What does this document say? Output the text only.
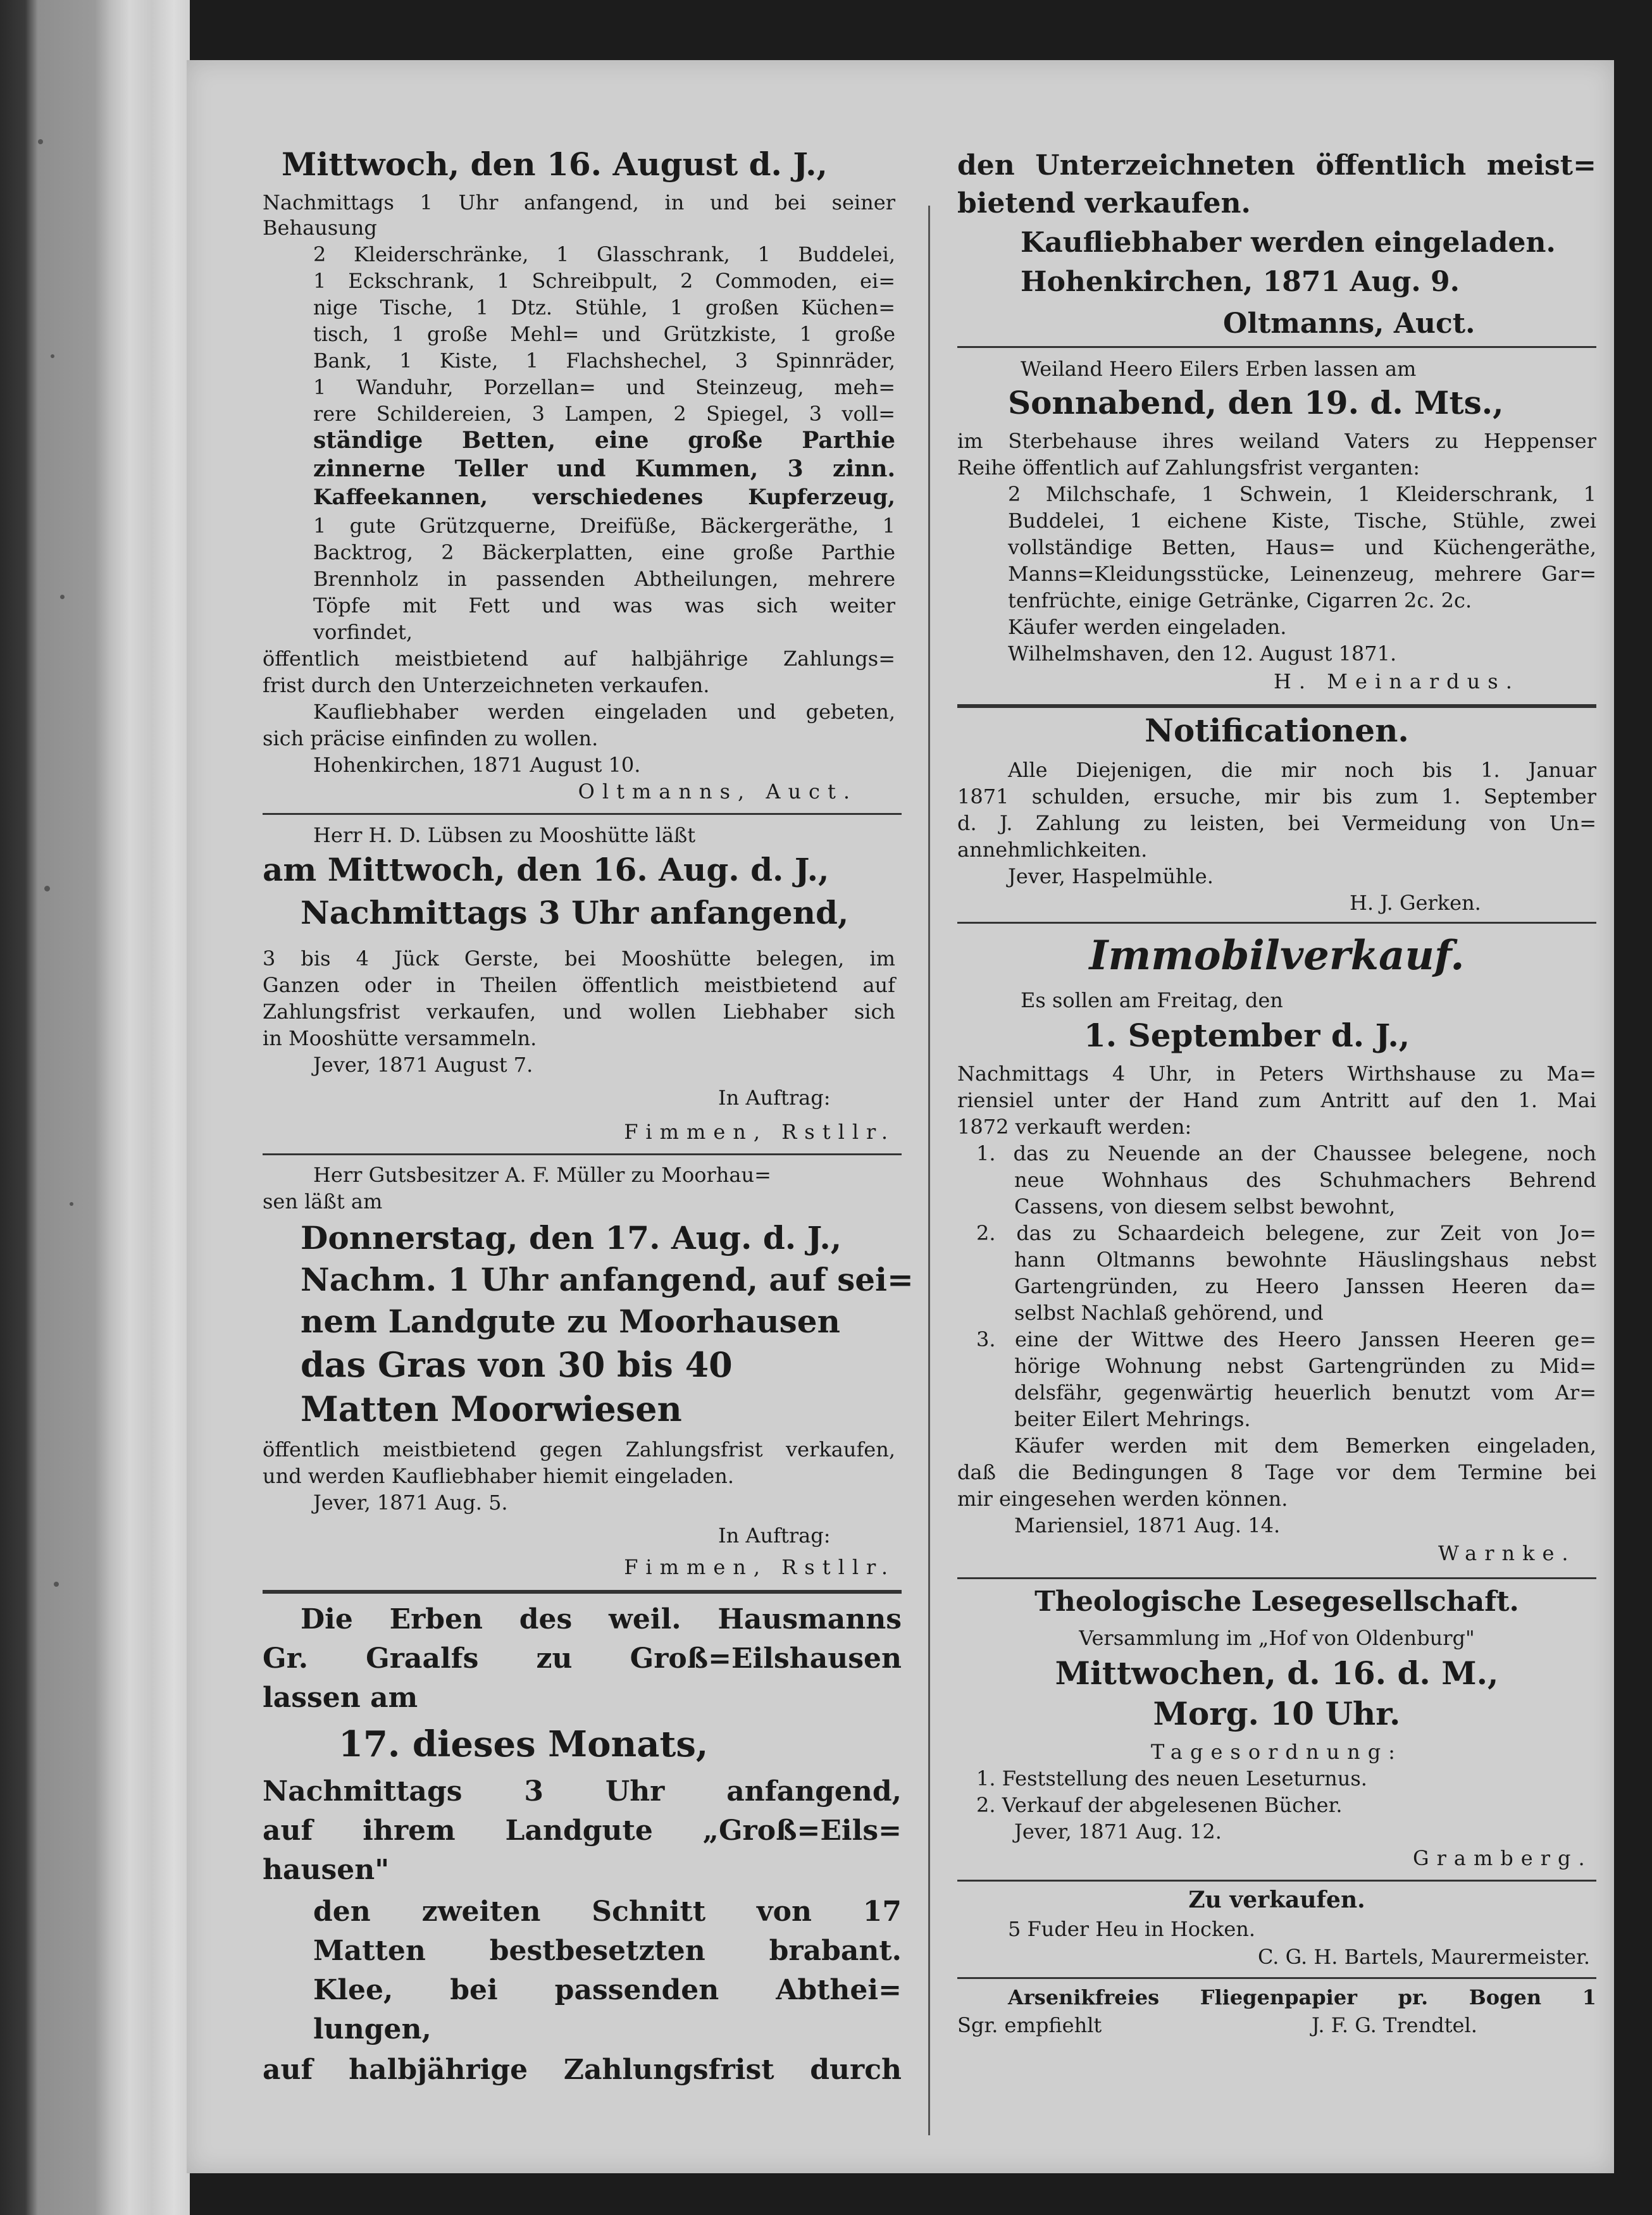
Mittwoch, den 16. August d. J.,
Nachmittags 1 Uhr anfangend, in und bei seiner
Behausung
2 Kleiderschränke, 1 Glasschrank, 1 Buddelei,
1 Eckschrank, 1 Schreibpult, 2 Commoden, ei=
nige Tische, 1 Dtz. Stühle, 1 großen Küchen=
tisch, 1 große Mehl= und Grützkiste, 1 große
Bank, 1 Kiste, 1 Flachshechel, 3 Spinnräder,
1 Wanduhr, Porzellan= und Steinzeug, meh=
rere Schildereien, 3 Lampen, 2 Spiegel, 3 voll=
ständige Betten, eine große Parthie
zinnerne Teller und Kummen, 3 zinn.
Kaffeekannen, verschiedenes Kupferzeug,
1 gute Grützquerne, Dreifüße, Bäckergeräthe, 1
Backtrog, 2 Bäckerplatten, eine große Parthie
Brennholz in passenden Abtheilungen, mehrere
Töpfe mit Fett und was was sich weiter
vorfindet,
öffentlich meistbietend auf halbjährige Zahlungs=
frist durch den Unterzeichneten verkaufen.
Kaufliebhaber werden eingeladen und gebeten,
sich präcise einfinden zu wollen.
Hohenkirchen, 1871 August 10.
Oltmanns, Auct.
Herr H. D. Lübsen zu Mooshütte läßt
am Mittwoch, den 16. Aug. d. J.,
Nachmittags 3 Uhr anfangend,
3 bis 4 Jück Gerste, bei Mooshütte belegen, im
Ganzen oder in Theilen öffentlich meistbietend auf
Zahlungsfrist verkaufen, und wollen Liebhaber sich
in Mooshütte versammeln.
Jever, 1871 August 7.
In Auftrag:
Fimmen, Rstllr.
Herr Gutsbesitzer A. F. Müller zu Moorhau=
sen läßt am
Donnerstag, den 17. Aug. d. J.,
Nachm. 1 Uhr anfangend, auf sei=
nem Landgute zu Moorhausen
das Gras von 30 bis 40
Matten Moorwiesen
öffentlich meistbietend gegen Zahlungsfrist verkaufen,
und werden Kaufliebhaber hiemit eingeladen.
Jever, 1871 Aug. 5.
In Auftrag:
Fimmen, Rstllr.
Die Erben des weil. Hausmanns
Gr. Graalfs zu Groß=Eilshausen
lassen am
17. dieses Monats,
Nachmittags 3 Uhr anfangend,
auf ihrem Landgute „Groß=Eils=
hausen"
den zweiten Schnitt von 17
Matten bestbesetzten brabant.
Klee, bei passenden Abthei=
lungen,
auf halbjährige Zahlungsfrist durch
den Unterzeichneten öffentlich meist=
bietend verkaufen.
Kaufliebhaber werden eingeladen.
Hohenkirchen, 1871 Aug. 9.
Oltmanns, Auct.
Weiland Heero Eilers Erben lassen am
Sonnabend, den 19. d. Mts.,
im Sterbehause ihres weiland Vaters zu Heppenser
Reihe öffentlich auf Zahlungsfrist verganten:
2 Milchschafe, 1 Schwein, 1 Kleiderschrank, 1
Buddelei, 1 eichene Kiste, Tische, Stühle, zwei
vollständige Betten, Haus= und Küchengeräthe,
Manns=Kleidungsstücke, Leinenzeug, mehrere Gar=
tenfrüchte, einige Getränke, Cigarren 2c. 2c.
Käufer werden eingeladen.
Wilhelmshaven, den 12. August 1871.
H. Meinardus.
Notificationen.
Alle Diejenigen, die mir noch bis 1. Januar
1871 schulden, ersuche, mir bis zum 1. September
d. J. Zahlung zu leisten, bei Vermeidung von Un=
annehmlichkeiten.
Jever, Haspelmühle.
H. J. Gerken.
Immobilverkauf.
Es sollen am Freitag, den
1. September d. J.,
Nachmittags 4 Uhr, in Peters Wirthshause zu Ma=
riensiel unter der Hand zum Antritt auf den 1. Mai
1872 verkauft werden:
1. das zu Neuende an der Chaussee belegene, noch
neue Wohnhaus des Schuhmachers Behrend
Cassens, von diesem selbst bewohnt,
2. das zu Schaardeich belegene, zur Zeit von Jo=
hann Oltmanns bewohnte Häuslingshaus nebst
Gartengründen, zu Heero Janssen Heeren da=
selbst Nachlaß gehörend, und
3. eine der Wittwe des Heero Janssen Heeren ge=
hörige Wohnung nebst Gartengründen zu Mid=
delsfähr, gegenwärtig heuerlich benutzt vom Ar=
beiter Eilert Mehrings.
Käufer werden mit dem Bemerken eingeladen,
daß die Bedingungen 8 Tage vor dem Termine bei
mir eingesehen werden können.
Mariensiel, 1871 Aug. 14.
Warnke.
Theologische Lesegesellschaft.
Versammlung im „Hof von Oldenburg"
Mittwochen, d. 16. d. M.,
Morg. 10 Uhr.
Tagesordnung:
1. Feststellung des neuen Leseturnus.
2. Verkauf der abgelesenen Bücher.
Jever, 1871 Aug. 12.
Gramberg.
Zu verkaufen.
5 Fuder Heu in Hocken.
C. G. H. Bartels, Maurermeister.
Arsenikfreies Fliegenpapier pr. Bogen 1
Sgr. empfiehlt	J. F. G. Trendtel.
